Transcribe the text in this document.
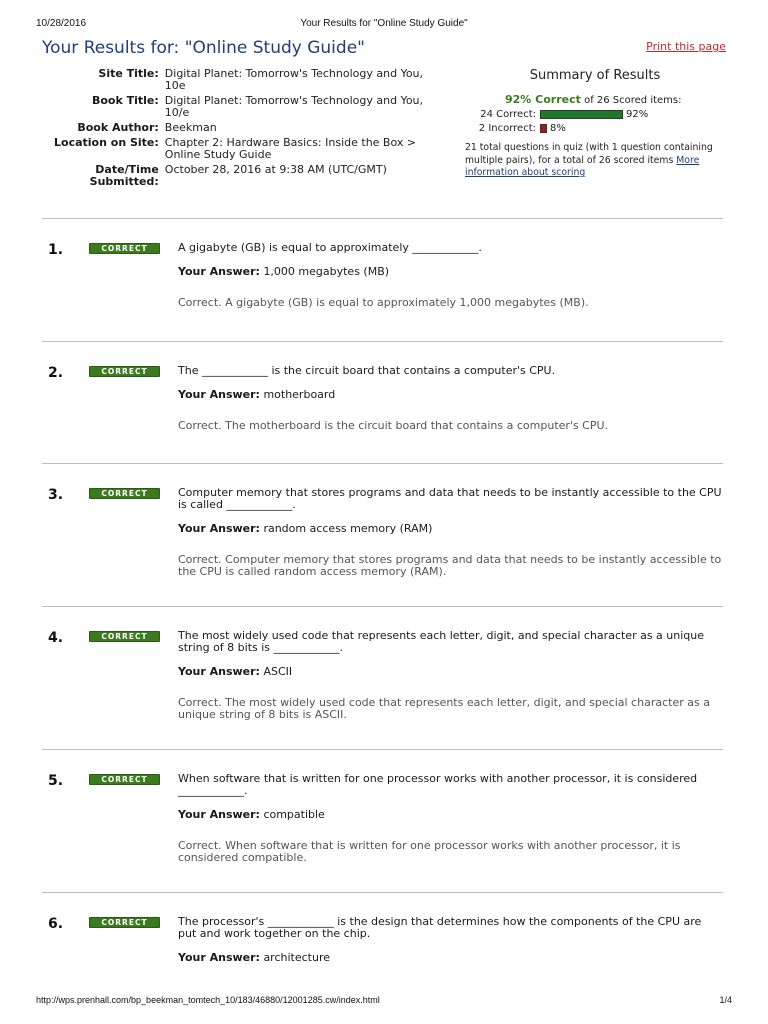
10/28/2016	Your Results for "Online Study Guide"
Your Results for: "Online Study Guide"	Print this page
Site Title:	Digital Planet: Tomorrow's Technology and You, 10e
Book Title:	Digital Planet: Tomorrow's Technology and You, 10/e
Book Author:	Beekman
Location on Site:	Chapter 2: Hardware Basics: Inside the Box > Online Study Guide
Date/Time Submitted:	October 28, 2016 at 9:38 AM (UTC/GMT)
Summary of Results
92% Correct of 26 Scored items:
24 Correct:	92%
2 Incorrect:	8%
21 total questions in quiz (with 1 question containing multiple pairs), for a total of 26 scored items More information about scoring
1.	CORRECT	A gigabyte (GB) is equal to approximately ____________.
Your Answer: 1,000 megabytes (MB)
Correct. A gigabyte (GB) is equal to approximately 1,000 megabytes (MB).
2.	CORRECT	The ____________ is the circuit board that contains a computer's CPU.
Your Answer: motherboard
Correct. The motherboard is the circuit board that contains a computer's CPU.
3.	CORRECT	Computer memory that stores programs and data that needs to be instantly accessible to the CPU is called ____________.
Your Answer: random access memory (RAM)
Correct. Computer memory that stores programs and data that needs to be instantly accessible to the CPU is called random access memory (RAM).
4.	CORRECT	The most widely used code that represents each letter, digit, and special character as a unique string of 8 bits is ____________.
Your Answer: ASCII
Correct. The most widely used code that represents each letter, digit, and special character as a unique string of 8 bits is ASCII.
5.	CORRECT	When software that is written for one processor works with another processor, it is considered ____________.
Your Answer: compatible
Correct. When software that is written for one processor works with another processor, it is considered compatible.
6.	CORRECT	The processor's ____________ is the design that determines how the components of the CPU are put and work together on the chip.
Your Answer: architecture
http://wps.prenhall.com/bp_beekman_tomtech_10/183/46880/12001285.cw/index.html	1/4
